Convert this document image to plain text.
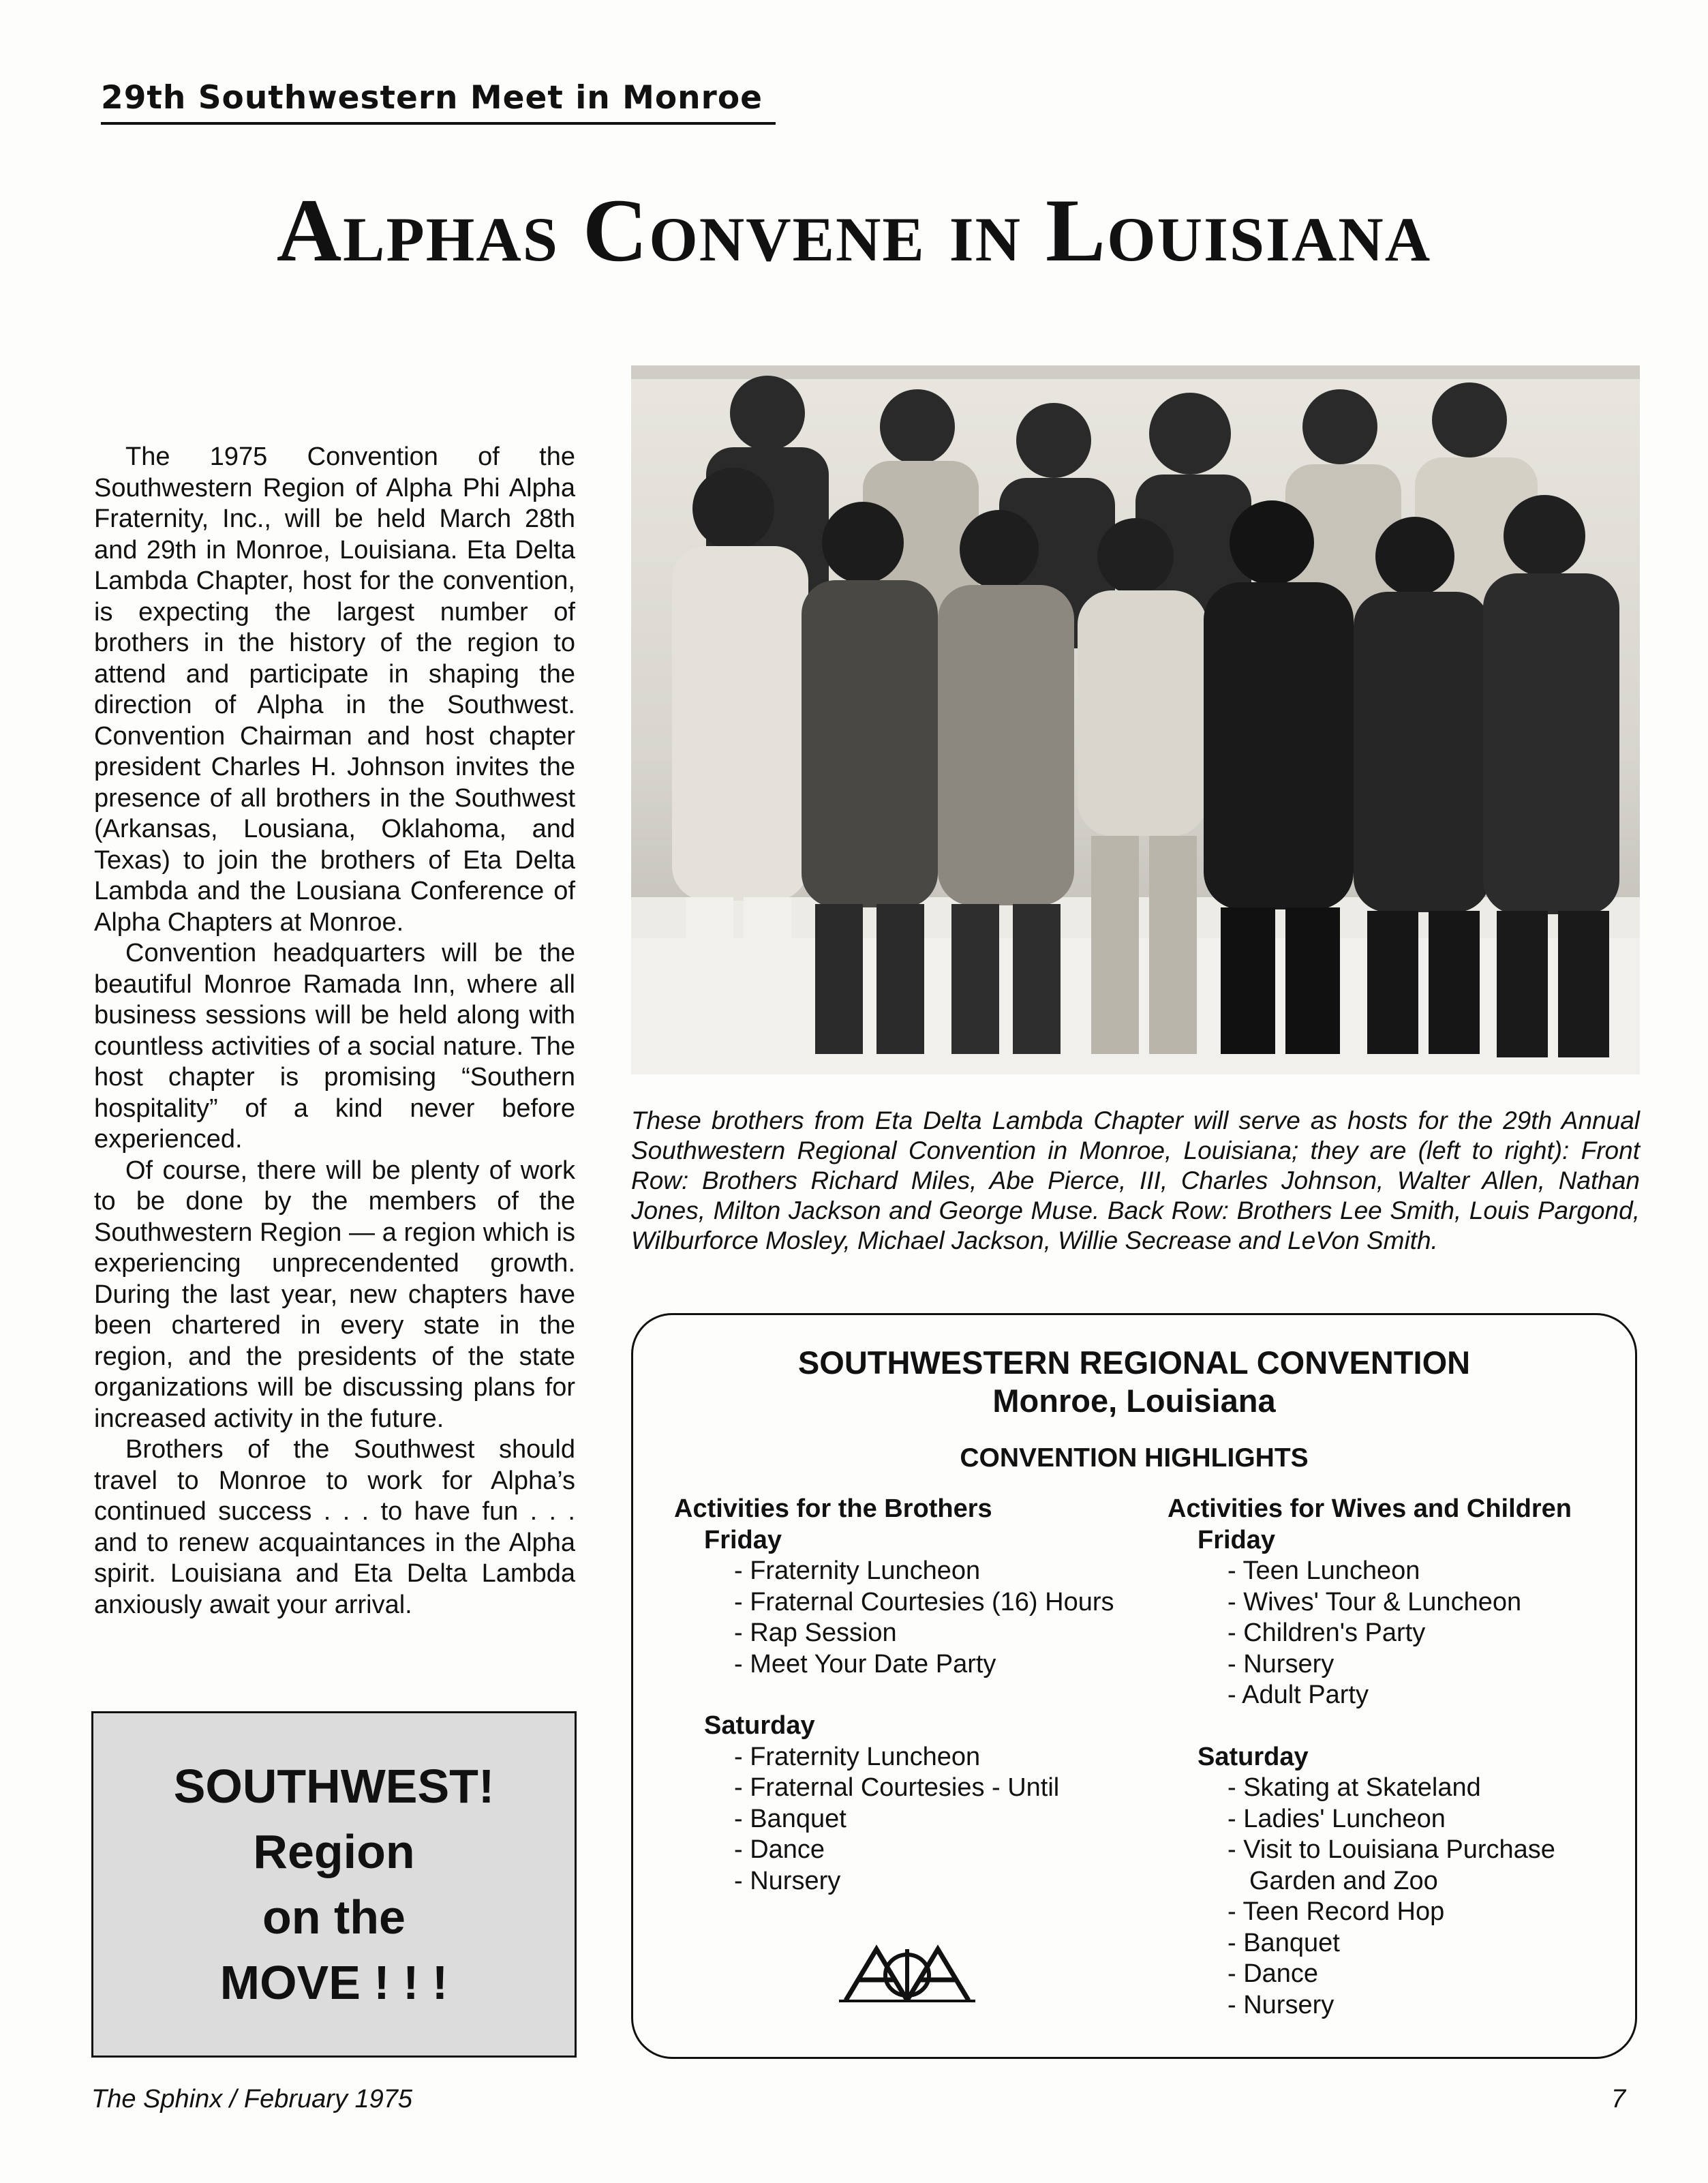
29th Southwestern Meet in Monroe
Alphas Convene in Louisiana

The 1975 Convention of the Southwestern Region of Alpha Phi Alpha Fraternity, Inc., will be held March 28th and 29th in Monroe, Louisiana. Eta Delta Lambda Chapter, host for the convention, is expecting the largest number of brothers in the history of the region to attend and participate in shaping the direction of Alpha in the Southwest. Convention Chairman and host chapter president Charles H. Johnson invites the presence of all brothers in the Southwest (Arkansas, Lousiana, Oklahoma, and Texas) to join the brothers of Eta Delta Lambda and the Lousiana Conference of Alpha Chapters at Monroe.

Convention headquarters will be the beautiful Monroe Ramada Inn, where all business sessions will be held along with countless activities of a social nature. The host chapter is promising “Southern hospitality” of a kind never before experienced.

Of course, there will be plenty of work to be done by the members of the Southwestern Region — a region which is experiencing unprecendented growth. During the last year, new chapters have been chartered in every state in the region, and the presidents of the state organizations will be discussing plans for increased activity in the future.

Brothers of the Southwest should travel to Monroe to work for Alpha’s continued success . . . to have fun . . . and to renew acquaintances in the Alpha spirit. Louisiana and Eta Delta Lambda anxiously await your arrival.

These brothers from Eta Delta Lambda Chapter will serve as hosts for the 29th Annual Southwestern Regional Convention in Monroe, Louisiana; they are (left to right): Front Row: Brothers Richard Miles, Abe Pierce, III, Charles Johnson, Walter Allen, Nathan Jones, Milton Jackson and George Muse. Back Row: Brothers Lee Smith, Louis Pargond, Wilburforce Mosley, Michael Jackson, Willie Secrease and LeVon Smith.
SOUTHWEST!
Region
on the
MOVE ! ! !
SOUTHWESTERN REGIONAL CONVENTION
Monroe, Louisiana
CONVENTION HIGHLIGHTS
Activities for the Brothers
Friday
- Fraternity Luncheon
- Fraternal Courtesies (16) Hours
- Rap Session
- Meet Your Date Party
Saturday
- Fraternity Luncheon
- Fraternal Courtesies - Until
- Banquet
- Dance
- Nursery
Activities for Wives and Children
Friday
- Teen Luncheon
- Wives' Tour & Luncheon
- Children's Party
- Nursery
- Adult Party
Saturday
- Skating at Skateland
- Ladies' Luncheon
- Visit to Louisiana Purchase
Garden and Zoo
- Teen Record Hop
- Banquet
- Dance
- Nursery
The Sphinx / February 1975	7
